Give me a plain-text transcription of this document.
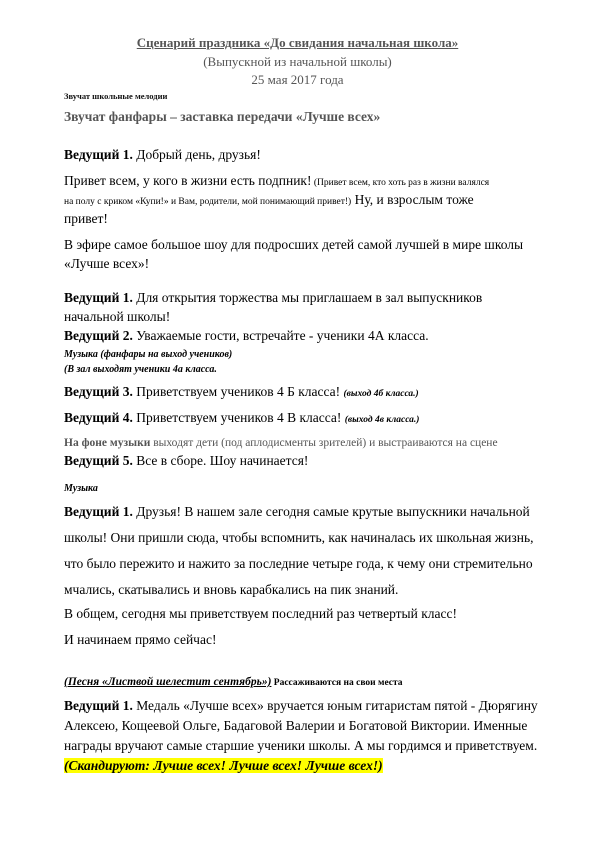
Сценарий праздника «До свидания начальная школа»
(Выпускной из начальной школы)
25 мая 2017 года
Звучат школьные мелодии
Звучат фанфары – заставка передачи «Лучше всех»
Ведущий 1. Добрый день, друзья!
Привет всем, у кого в жизни есть подпник! (Привет всем, кто хоть раз в жизни валялся
на полу с криком «Купи!» и Вам, родители, мой понимающий привет!) Ну, и взрослым тоже
привет!
В эфире самое большое шоу для подросших детей самой лучшей в мире школы
«Лучше всех»!
Ведущий 1. Для открытия торжества мы приглашаем в зал выпускников
начальной школы!
Ведущий 2. Уважаемые гости, встречайте - ученики 4А класса.
Музыка (фанфары на выход учеников)
(В зал выходят ученики 4а класса.
Ведущий 3. Приветствуем учеников 4 Б класса! (выход 4б класса.)
Ведущий 4. Приветствуем учеников 4 В класса! (выход 4в класса.)
На фоне музыки выходят дети (под аплодисменты зрителей) и выстраиваются на сцене
Ведущий 5. Все в сборе. Шоу начинается!
Музыка
Ведущий 1. Друзья! В нашем зале сегодня самые крутые выпускники начальной
школы! Они пришли сюда, чтобы вспомнить, как начиналась их школьная жизнь,
что было пережито и нажито за последние четыре года, к чему они стремительно
мчались, скатывались и вновь карабкались на пик знаний.
В общем, сегодня мы приветствуем последний раз четвертый класс!
И начинаем прямо сейчас!
(Песня «Листвой шелестит сентябрь») Рассаживаются на свои места
Ведущий 1. Медаль «Лучше всех» вручается юным гитаристам пятой - Дюрягину
Алексею, Кощеевой Ольге, Бадаговой Валерии и Богатовой Виктории. Именные
награды вручают самые старшие ученики школы. А мы гордимся и приветствуем.
(Скандируют: Лучше всех! Лучше всех! Лучше всех!)
